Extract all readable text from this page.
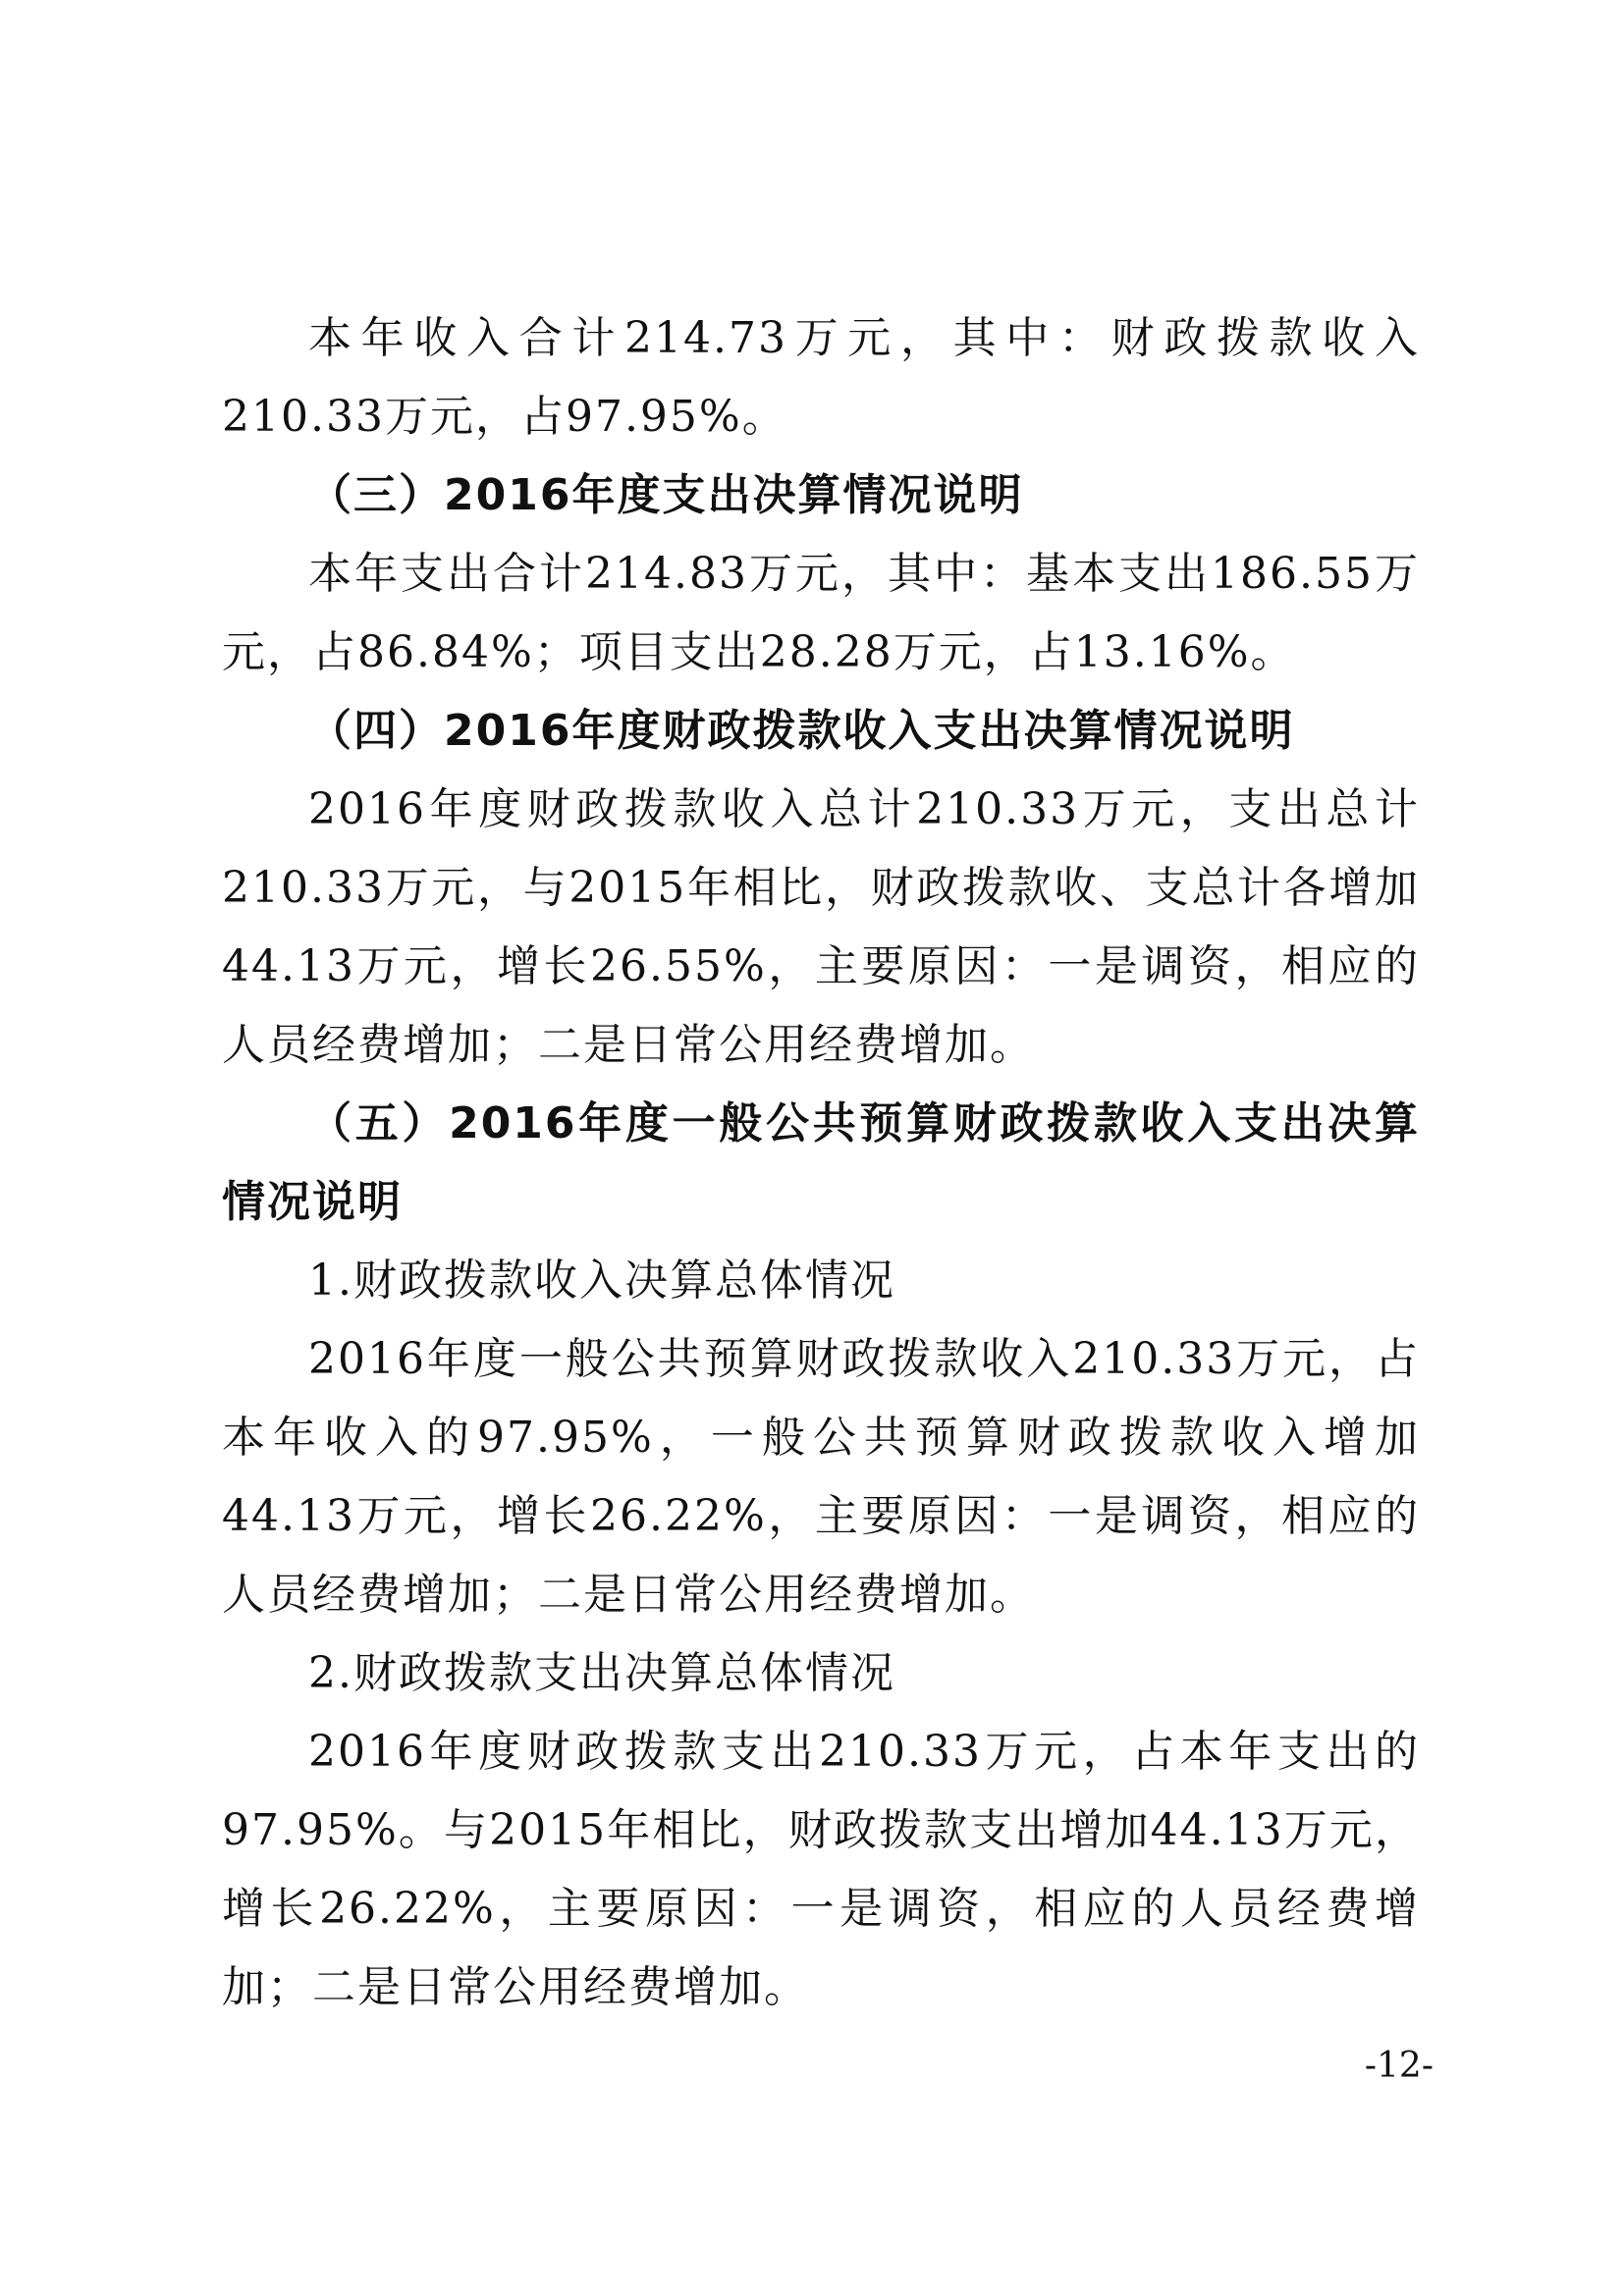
本年收入合计214.73万元，其中：财政拨款收入210.33万元，占97.95%。

（三）2016年度支出决算情况说明

本年支出合计214.83万元，其中：基本支出186.55万元，占86.84%；项目支出28.28万元，占13.16%。

（四）2016年度财政拨款收入支出决算情况说明

2016年度财政拨款收入总计210.33万元，支出总计210.33万元，与2015年相比，财政拨款收、支总计各增加44.13万元，增长26.55%，主要原因：一是调资，相应的人员经费增加；二是日常公用经费增加。

（五）2016年度一般公共预算财政拨款收入支出决算情况说明

1.财政拨款收入决算总体情况

2016年度一般公共预算财政拨款收入210.33万元，占本年收入的97.95%，一般公共预算财政拨款收入增加44.13万元，增长26.22%，主要原因：一是调资，相应的人员经费增加；二是日常公用经费增加。

2.财政拨款支出决算总体情况

2016年度财政拨款支出210.33万元，占本年支出的97.95%。与2015年相比，财政拨款支出增加44.13万元，增长26.22%，主要原因：一是调资，相应的人员经费增加；二是日常公用经费增加。

-12-
